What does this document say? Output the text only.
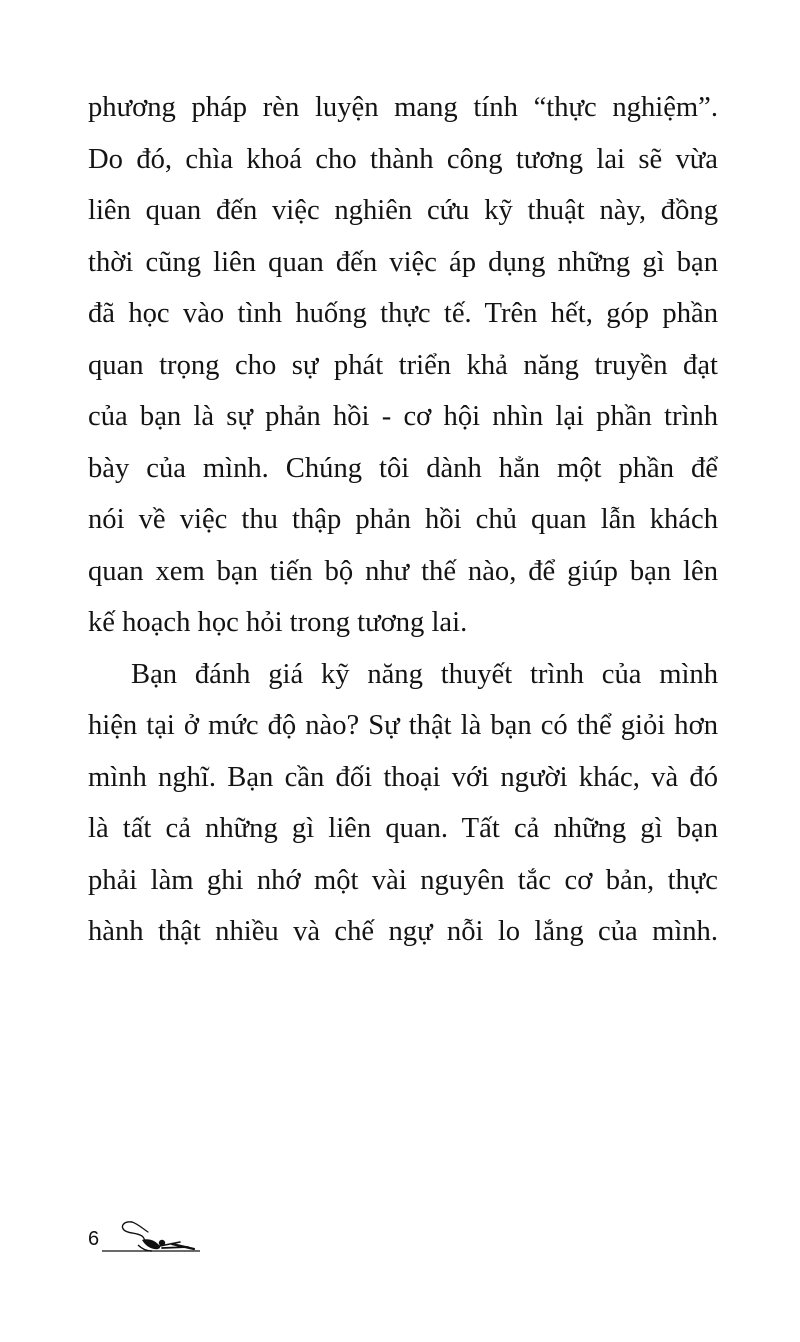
phương pháp rèn luyện mang tính “thực nghiệm”.
Do đó, chìa khoá cho thành công tương lai sẽ vừa
liên quan đến việc nghiên cứu kỹ thuật này, đồng
thời cũng liên quan đến việc áp dụng những gì bạn
đã học vào tình huống thực tế. Trên hết, góp phần
quan trọng cho sự phát triển khả năng truyền đạt
của bạn là sự phản hồi - cơ hội nhìn lại phần trình
bày của mình. Chúng tôi dành hẳn một phần để
nói về việc thu thập phản hồi chủ quan lẫn khách
quan xem bạn tiến bộ như thế nào, để giúp bạn lên
kế hoạch học hỏi trong tương lai.
Bạn đánh giá kỹ năng thuyết trình của mình
hiện tại ở mức độ nào? Sự thật là bạn có thể giỏi hơn
mình nghĩ. Bạn cần đối thoại với người khác, và đó
là tất cả những gì liên quan. Tất cả những gì bạn
phải làm ghi nhớ một vài nguyên tắc cơ bản, thực
hành thật nhiều và chế ngự nỗi lo lắng của mình.
6
